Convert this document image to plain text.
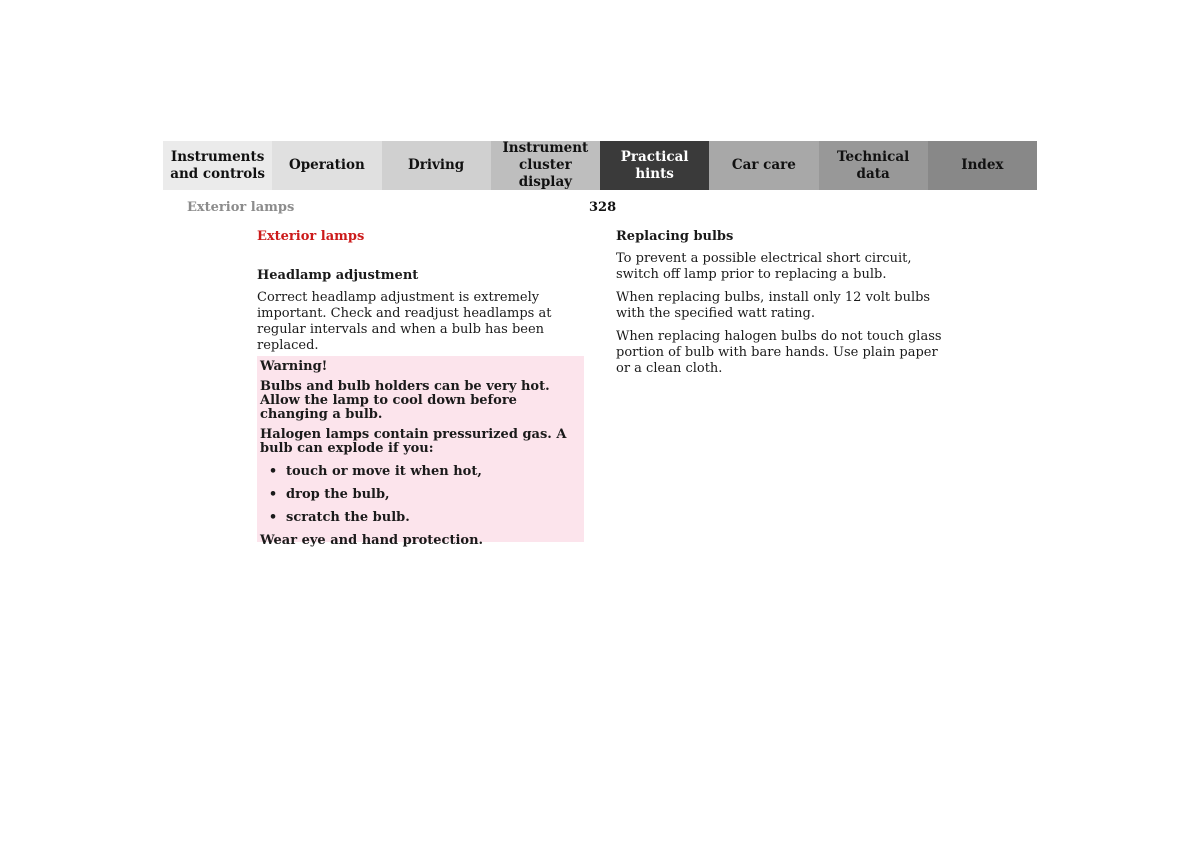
Instruments
and controls
Operation	Driving
Instrument
cluster display
Practical hints
Car care
Technical
data
Index
Exterior lamps	328
Exterior lamps
Headlamp adjustment

Correct headlamp adjustment is extremely important. Check and readjust headlamps at regular intervals and when a bulb has been replaced.

Warning!

Bulbs and bulb holders can be very hot. Allow the lamp to cool down before changing a bulb.

Halogen lamps contain pressurized gas. A bulb can explode if you:

• touch or move it when hot,
• drop the bulb,
• scratch the bulb.

Wear eye and hand protection.

Replacing bulbs

To prevent a possible electrical short circuit, switch off lamp prior to replacing a bulb.

When replacing bulbs, install only 12 volt bulbs with the specified watt rating.

When replacing halogen bulbs do not touch glass portion of bulb with bare hands. Use plain paper or a clean cloth.
